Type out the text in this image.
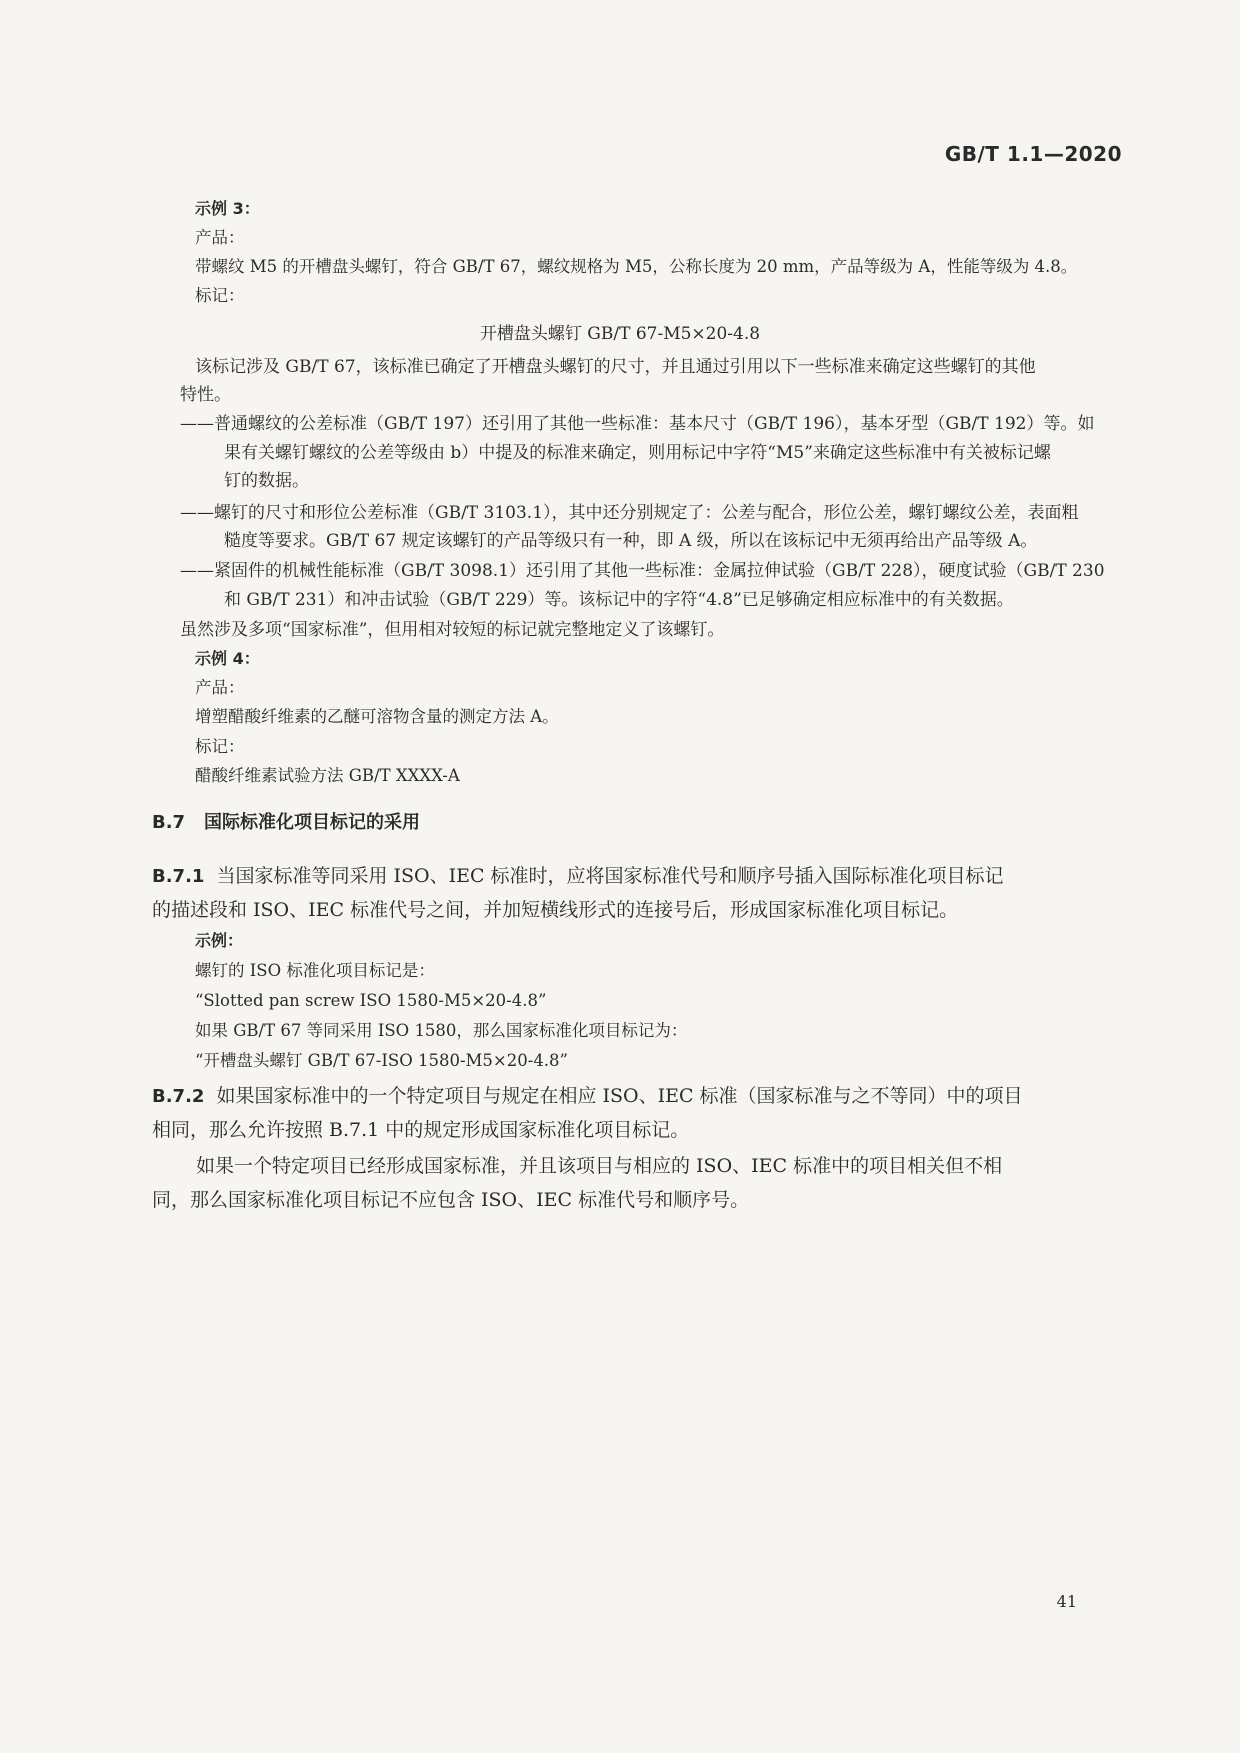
GB/T 1.1—2020
示例 3：
产品：
带螺纹 M5 的开槽盘头螺钉，符合 GB/T 67，螺纹规格为 M5，公称长度为 20 mm，产品等级为 A，性能等级为 4.8。
标记：
开槽盘头螺钉 GB/T 67-M5×20-4.8
该标记涉及 GB/T 67，该标准已确定了开槽盘头螺钉的尺寸，并且通过引用以下一些标准来确定这些螺钉的其他
特性。
——普通螺纹的公差标准（GB/T 197）还引用了其他一些标准：基本尺寸（GB/T 196），基本牙型（GB/T 192）等。如
果有关螺钉螺纹的公差等级由 b）中提及的标准来确定，则用标记中字符“M5”来确定这些标准中有关被标记螺
钉的数据。
——螺钉的尺寸和形位公差标准（GB/T 3103.1），其中还分别规定了：公差与配合，形位公差，螺钉螺纹公差，表面粗
糙度等要求。GB/T 67 规定该螺钉的产品等级只有一种，即 A 级，所以在该标记中无须再给出产品等级 A。
——紧固件的机械性能标准（GB/T 3098.1）还引用了其他一些标准：金属拉伸试验（GB/T 228），硬度试验（GB/T 230
和 GB/T 231）和冲击试验（GB/T 229）等。该标记中的字符“4.8”已足够确定相应标准中的有关数据。
虽然涉及多项“国家标准”，但用相对较短的标记就完整地定义了该螺钉。
示例 4：
产品：
增塑醋酸纤维素的乙醚可溶物含量的测定方法 A。
标记：
醋酸纤维素试验方法 GB/T XXXX-A
B.7 国际标准化项目标记的采用
B.7.1 当国家标准等同采用 ISO、IEC 标准时，应将国家标准代号和顺序号插入国际标准化项目标记
的描述段和 ISO、IEC 标准代号之间，并加短横线形式的连接号后，形成国家标准化项目标记。
示例：
螺钉的 ISO 标准化项目标记是：
“Slotted pan screw ISO 1580-M5×20-4.8”
如果 GB/T 67 等同采用 ISO 1580，那么国家标准化项目标记为：
“开槽盘头螺钉 GB/T 67-ISO 1580-M5×20-4.8”
B.7.2 如果国家标准中的一个特定项目与规定在相应 ISO、IEC 标准（国家标准与之不等同）中的项目
相同，那么允许按照 B.7.1 中的规定形成国家标准化项目标记。
如果一个特定项目已经形成国家标准，并且该项目与相应的 ISO、IEC 标准中的项目相关但不相
同，那么国家标准化项目标记不应包含 ISO、IEC 标准代号和顺序号。
41
